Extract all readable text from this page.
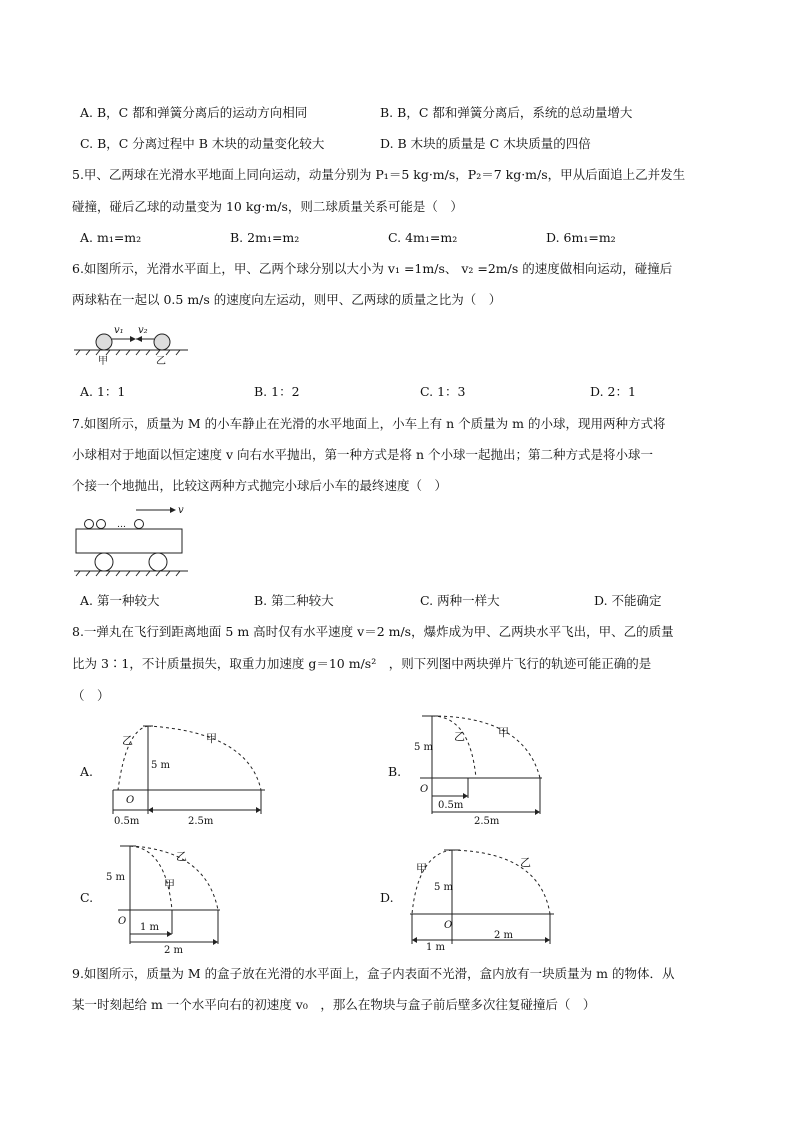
A. B，C 都和弹簧分离后的运动方向相同	B. B，C 都和弹簧分离后，系统的总动量增大
C. B，C 分离过程中 B 木块的动量变化较大	D. B 木块的质量是 C 木块质量的四倍
5.甲、乙两球在光滑水平地面上同向运动，动量分别为 P₁＝5 kg·m/s，P₂＝7 kg·m/s，甲从后面追上乙并发生
碰撞，碰后乙球的动量变为 10 kg·m/s，则二球质量关系可能是（　）
A. m₁=m₂	B. 2m₁=m₂	C. 4m₁=m₂	D. 6m₁=m₂
6.如图所示，光滑水平面上，甲、乙两个球分别以大小为 v₁ =1m/s、 v₂ =2m/s 的速度做相向运动，碰撞后
两球粘在一起以 0.5 m/s 的速度向左运动，则甲、乙两球的质量之比为（　）
v₁ v₂
甲	乙
A. 1：1	B. 1：2	C. 1：3	D. 2：1
7.如图所示，质量为 M 的小车静止在光滑的水平地面上，小车上有 n 个质量为 m 的小球，现用两种方式将
小球相对于地面以恒定速度 v 向右水平抛出，第一种方式是将 n 个小球一起抛出；第二种方式是将小球一
个接一个地抛出，比较这两种方式抛完小球后小车的最终速度（　）
v
…
A. 第一种较大	B. 第二种较大	C. 两种一样大	D. 不能确定
8.一弹丸在飞行到距离地面 5 m 高时仅有水平速度 v＝2 m/s，爆炸成为甲、乙两块水平飞出，甲、乙的质量
比为 3∶1，不计质量损失，取重力加速度 g＝10 m/s²　，则下列图中两块弹片飞行的轨迹可能正确的是
（　）
A.
乙	甲
5 m
O
0.5m	2.5m
B.
乙	甲
5 m
O
0.5m
2.5m
C.
乙
甲
5 m
O
1 m
2 m
D.
甲	乙
5 m
O
1 m
2 m
9.如图所示，质量为 M 的盒子放在光滑的水平面上，盒子内表面不光滑，盒内放有一块质量为 m 的物体．从
某一时刻起给 m 一个水平向右的初速度 v₀　，那么在物块与盒子前后壁多次往复碰撞后（　）
